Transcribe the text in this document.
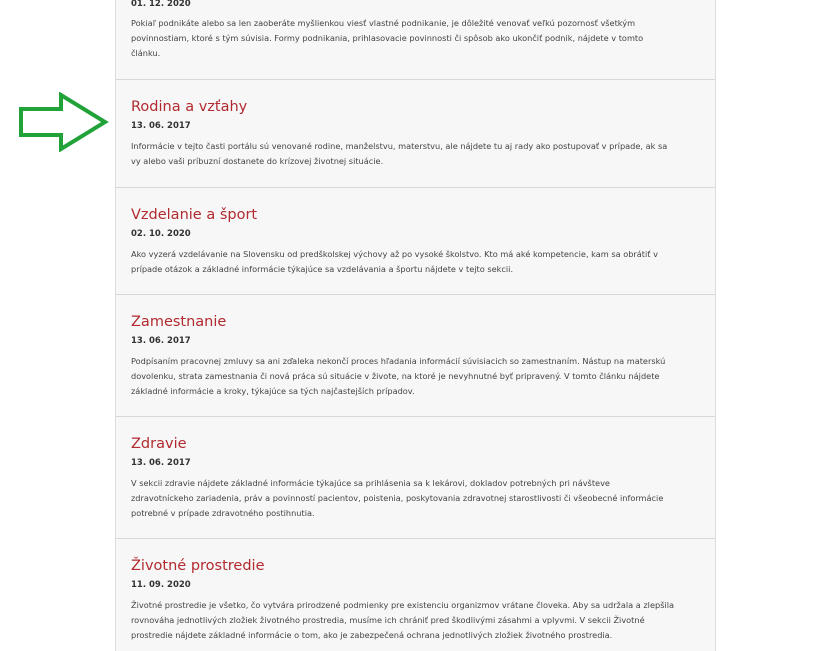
01. 12. 2020

Pokiaľ podnikáte alebo sa len zaoberáte myšlienkou viesť vlastné podnikanie, je dôležité venovať veľkú pozornosť všetkým

povinnostiam, ktoré s tým súvisia. Formy podnikania, prihlasovacie povinnosti či spôsob ako ukončiť podnik, nájdete v tomto

článku.

Rodina a vzťahy

13. 06. 2017

Informácie v tejto časti portálu sú venované rodine, manželstvu, materstvu, ale nájdete tu aj rady ako postupovať v prípade, ak sa

vy alebo vaši príbuzní dostanete do krízovej životnej situácie.

Vzdelanie a šport

02. 10. 2020

Ako vyzerá vzdelávanie na Slovensku od predškolskej výchovy až po vysoké školstvo. Kto má aké kompetencie, kam sa obrátiť v

prípade otázok a základné informácie týkajúce sa vzdelávania a športu nájdete v tejto sekcii.

Zamestnanie

13. 06. 2017

Podpísaním pracovnej zmluvy sa ani zďaleka nekončí proces hľadania informácií súvisiacich so zamestnaním. Nástup na materskú

dovolenku, strata zamestnania či nová práca sú situácie v živote, na ktoré je nevyhnutné byť pripravený. V tomto článku nájdete

základné informácie a kroky, týkajúce sa tých najčastejších prípadov.

Zdravie

13. 06. 2017

V sekcii zdravie nájdete základné informácie týkajúce sa prihlásenia sa k lekárovi, dokladov potrebných pri návšteve

zdravotníckeho zariadenia, práv a povinností pacientov, poistenia, poskytovania zdravotnej starostlivosti či všeobecné informácie

potrebné v prípade zdravotného postihnutia.

Životné prostredie

11. 09. 2020

Životné prostredie je všetko, čo vytvára prirodzené podmienky pre existenciu organizmov vrátane človeka. Aby sa udržala a zlepšila

rovnováha jednotlivých zložiek životného prostredia, musíme ich chrániť pred škodlivými zásahmi a vplyvmi. V sekcii Životné

prostredie nájdete základné informácie o tom, ako je zabezpečená ochrana jednotlivých zložiek životného prostredia.
